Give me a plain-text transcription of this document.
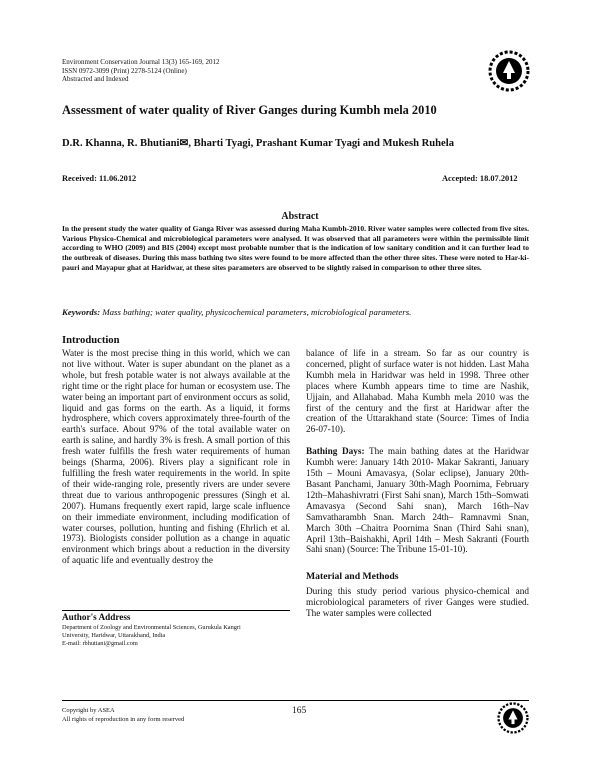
Environment Conservation Journal 13(3) 165-169, 2012
ISSN 0972-3099 (Print) 2278-5124 (Online)
Abstracted and Indexed
Assessment of water quality of River Ganges during Kumbh mela 2010
D.R. Khanna, R. Bhutiani✉, Bharti Tyagi, Prashant Kumar Tyagi and Mukesh Ruhela
Received: 11.06.2012	Accepted: 18.07.2012
Abstract
In the present study the water quality of Ganga River was assessed during Maha Kumbh-2010. River water samples were collected from five sites. Various Physico-Chemical and microbiological parameters were analysed. It was observed that all parameters were within the permissible limit according to WHO (2009) and BIS (2004) except most probable number that is the indication of low sanitary condition and it can further lead to the outbreak of diseases. During this mass bathing two sites were found to be more affected than the other three sites. These were noted to Har-ki-pauri and Mayapur ghat at Haridwar, at these sites parameters are observed to be slightly raised in comparison to other three sites.
Keywords: Mass bathing; water quality, physicochemical parameters, microbiological parameters.
Introduction
Water is the most precise thing in this world, which we can not live without. Water is super abundant on the planet as a whole, but fresh potable water is not always available at the right time or the right place for human or ecosystem use. The water being an important part of environment occurs as solid, liquid and gas forms on the earth. As a liquid, it forms hydrosphere, which covers approximately three-fourth of the earth's surface. About 97% of the total available water on earth is saline, and hardly 3% is fresh. A small portion of this fresh water fulfills the fresh water requirements of human beings (Sharma, 2006). Rivers play a significant role in fulfilling the fresh water requirements in the world. In spite of their wide-ranging role, presently rivers are under severe threat due to various anthropogenic pressures (Singh et al. 2007). Humans frequently exert rapid, large scale influence on their immediate environment, including modification of water courses, pollution, hunting and fishing (Ehrlich et al. 1973). Biologists consider pollution as a change in aquatic environment which brings about a reduction in the diversity of aquatic life and eventually destroy the
balance of life in a stream. So far as our country is concerned, plight of surface water is not hidden. Last Maha Kumbh mela in Haridwar was held in 1998. Three other places where Kumbh appears time to time are Nashik, Ujjain, and Allahabad. Maha Kumbh mela 2010 was the first of the century and the first at Haridwar after the creation of the Uttarakhand state (Source: Times of India 26-07-10).
Bathing Days: The main bathing dates at the Haridwar Kumbh were: January 14th 2010- Makar Sakranti, January 15th – Mouni Amavasya, (Solar eclipse), January 20th- Basant Panchami, January 30th-Magh Poornima, February 12th–Mahashivratri (First Sahi snan), March 15th–Somwati Amavasya (Second Sahi snan), March 16th–Nav Samvatharambh Snan. March 24th– Ramnavmi Snan, March 30th –Chaitra Poornima Snan (Third Sahi snan), April 13th–Baishakhi, April 14th – Mesh Sakranti (Fourth Sahi snan) (Source: The Tribune 15-01-10).
Material and Methods
During this study period various physico-chemical and microbiological parameters of river Ganges were studied. The water samples were collected
Author's Address
Department of Zoology and Environmental Sciences, Gurukula Kangri
University, Haridwar, Uttarakhand, India
E-mail: rbhutiani@gmail.com
Copyright by ASEA
All rights of reproduction in any form reserved
165
